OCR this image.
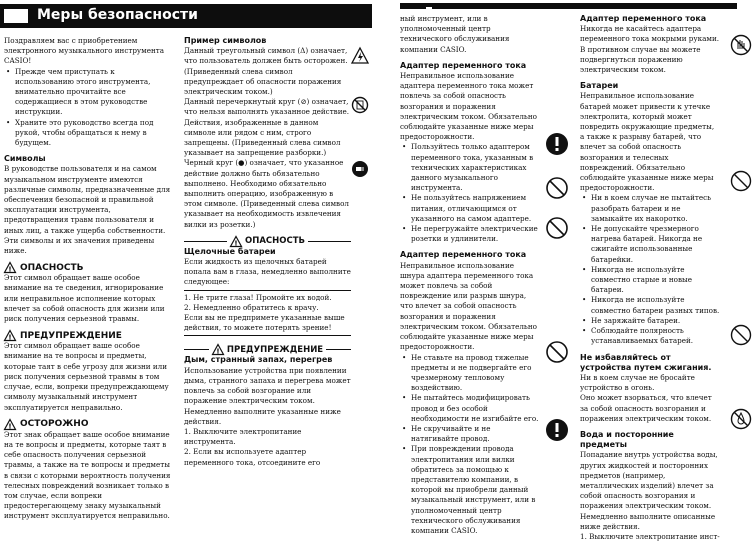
Меры безопасности

Поздравляем вас с приобретением электронного музыкального инструмента CASIO!

• Прежде чем приступать к использованию этого инструмента, внимательно прочитайте все содержащиеся в этом руководстве инструкции.
• Храните это руководство всегда под рукой, чтобы обращаться к нему в будущем.

Символы

В руководстве пользователя и на самом музыкальном инструменте имеются различные символы, предназначенные для обеспечения безопасной и правильной эксплуатации инструмента, предотвращения травм пользователя и иных лиц, а также ущерба собственности. Эти символы и их значения приведены ниже.

! ОПАСНОСТЬ

Этот символ обращает ваше особое внимание на те сведения, игнорирование или неправильное исполнение которых влечет за собой опасность для жизни или риск получения серьезной травмы.

! ПРЕДУПРЕЖДЕНИЕ

Этот символ обращает ваше особое внимание на те вопросы и предметы, которые таят в себе угрозу для жизни или риск получения серьезной травмы в том случае, если, вопреки предупреждающему символу музыкальный инструмент эксплуатируется неправильно.

! ОСТОРОЖНО

Этот знак обращает ваше особое внимание на те вопросы и предметы, которые таят в себе опасность получения серьезной травмы, а также на те вопросы и предметы в связи с которыми вероятность получения телесных повреждений возникает только в том случае, если вопреки предостерегающему знаку музыкальный инструмент эксплуатируется неправильно.

Пример символов

Данный треугольный символ (Δ) означает, что пользователь должен быть осторожен. (Приведенный слева символ предупреждает об опасности поражения электрическим током.)

Данный перечеркнутый круг (⊘) означает, что нельзя выполнять указанное действие. Действия, изображенные в данном символе или рядом с ним, строго запрещены. (Приведенный слева символ указывает на запрещение разборки.)

Черный круг (●) означает, что указанное действие должно быть обязательно выполнено. Необходимо обязательно выполнить операцию, изображенную в этом символе. (Приведенный слева символ указывает на необходимость извлечения вилки из розетки.)

! ОПАСНОСТЬ

Щелочные батареи

Если жидкость из щелочных батарей попала вам в глаза, немедленно выполните следующее:

1. Не трите глаза! Промойте их водой.

2. Немедленно обратитесь к врачу.

Если вы не предпримете указанные выше действия, то можете потерять зрение!

! ПРЕДУПРЕЖДЕНИЕ

Дым, странный запах, перегрев

Использование устройства при появлении дыма, странного запаха и перегрева может повлечь за собой возгорание или поражение электрическим током. Немедленно выполните указанные ниже действия.

1. Выключите электропитание инструмента.

2. Если вы используете адаптер переменного тока, отсоедините его

ный инструмент, или в уполномоченный центр технического обслуживания компании CASIO.

Адаптер переменного тока

Неправильное использование адаптера переменного тока может повлечь за собой опасность возгорания и поражения электрическим током. Обязательно соблюдайте указанные ниже меры предосторожности.

• Пользуйтесь только адаптером переменного тока, указанным в технических характеристиках данного музыкального инструмента.
• Не пользуйтесь напряжением питания, отличающимся от указанного на самом адаптере.
• Не перегружайте электрические розетки и удлинители.

Адаптер переменного тока

Неправильное использование шнура адаптера переменного тока может повлечь за собой повреждение или разрыв шнура, что влечет за собой опасность возгорания и поражения электрическим током. Обязательно соблюдайте указанные ниже меры предосторожности.

• Не ставьте на провод тяжелые предметы и не подвергайте его чрезмерному тепловому воздействию.
• Не пытайтесь модифицировать провод и без особой необходимости не изгибайте его.
• Не скручивайте и не натягивайте провод.
• При повреждении провода электропитания или вилки обратитесь за помощью к представителю компании, в которой вы приобрели данный музыкальный инструмент, или в уполномоченный центр технического обслуживания компании CASIO.

Адаптер переменного тока

Никогда не касайтесь адаптера переменного тока мокрыми руками. В противном случае вы можете подвергнуться поражению электрическим током.

Батареи

Неправильное использование батарей может привести к утечке электролита, который может повредить окружающие предметы, а также к разрыву батарей, что влечет за собой опасность возгорания и телесных повреждений. Обязательно соблюдайте указанные ниже меры предосторожности.

• Ни в коем случае не пытайтесь разобрать батареи и не замыкайте их накоротко.
• Не допускайте чрезмерного нагрева батарей. Никогда не сжигайте использованные батарейки.
• Никогда не используйте совместно старые и новые батареи.
• Никогда не используйте совместно батареи разных типов.
• Не заряжайте батареи.
• Соблюдайте полярность устанавливаемых батарей.

Не избавляйтесь от устройства путем сжигания.

Ни в коем случае не бросайте устройство в огонь.

Оно может взорваться, что влечет за собой опасность возгорания и поражения электрическим током.

Вода и посторонние предметы

Попадание внутрь устройства воды, других жидкостей и посторонних предметов (например, металлических изделий) влечет за собой опасность возгорания и поражения электрическим током. Немедленно выполните описанные ниже действия.

1. Выключите электропитание инст-
